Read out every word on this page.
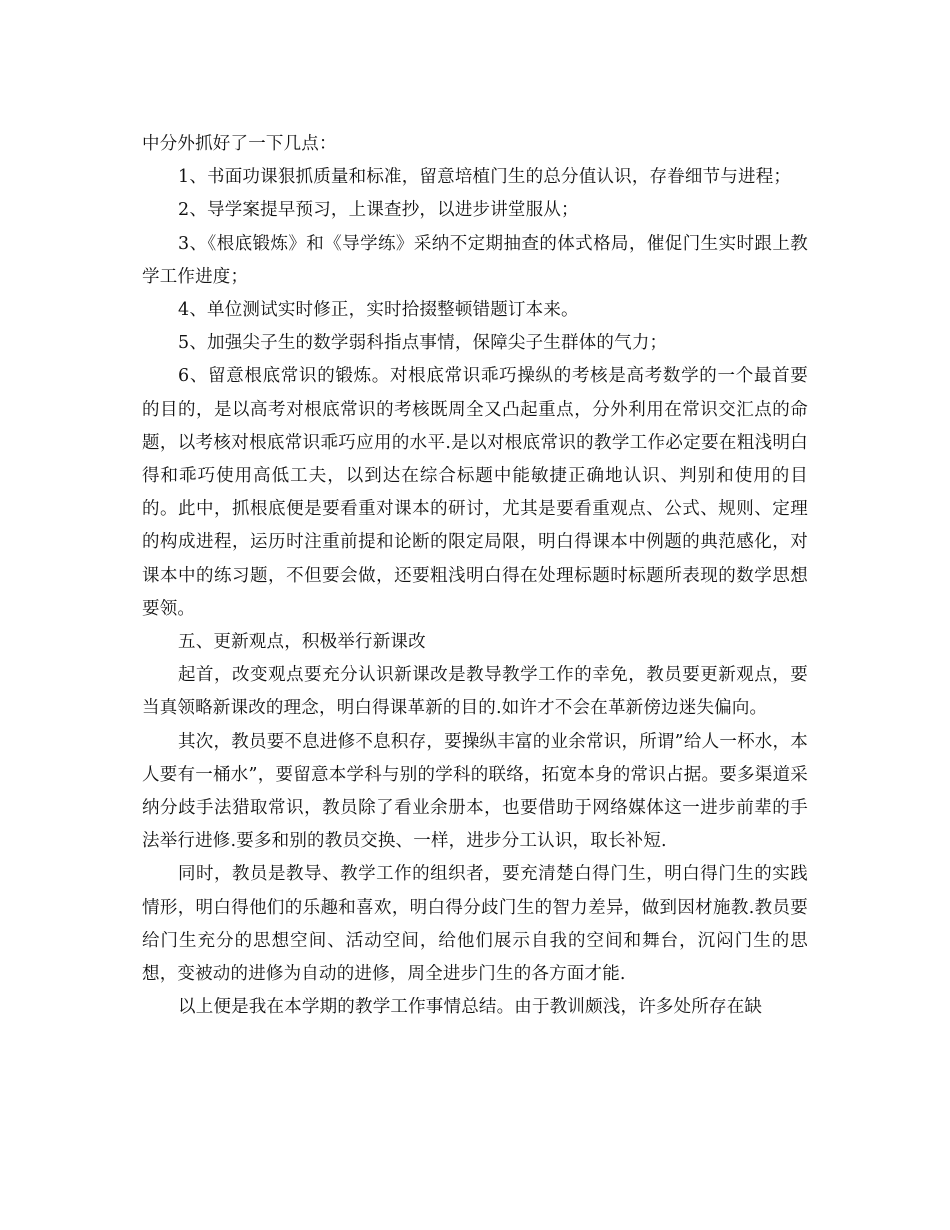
中分外抓好了一下几点：

1、书面功课狠抓质量和标准，留意培植门生的总分值认识，存眷细节与进程；

2、导学案提早预习，上课查抄，以进步讲堂服从；

3、《根底锻炼》和《导学练》采纳不定期抽查的体式格局，催促门生实时跟上教学工作进度；

4、单位测试实时修正，实时拾掇整顿错题订本来。

5、加强尖子生的数学弱科指点事情，保障尖子生群体的气力；

6、留意根底常识的锻炼。对根底常识乖巧操纵的考核是高考数学的一个最首要的目的，是以高考对根底常识的考核既周全又凸起重点，分外利用在常识交汇点的命题，以考核对根底常识乖巧应用的水平.是以对根底常识的教学工作必定要在粗浅明白得和乖巧使用高低工夫，以到达在综合标题中能敏捷正确地认识、判别和使用的目的。此中，抓根底便是要看重对课本的研讨，尤其是要看重观点、公式、规则、定理的构成进程，运历时注重前提和论断的限定局限，明白得课本中例题的典范感化，对课本中的练习题，不但要会做，还要粗浅明白得在处理标题时标题所表现的数学思想要领。

五、更新观点，积极举行新课改

起首，改变观点要充分认识新课改是教导教学工作的幸免，教员要更新观点，要当真领略新课改的理念，明白得课革新的目的.如许才不会在革新傍边迷失偏向。

其次，教员要不息进修不息积存，要操纵丰富的业余常识，所谓”给人一杯水，本人要有一桶水”，要留意本学科与别的学科的联络，拓宽本身的常识占据。要多渠道采纳分歧手法猎取常识，教员除了看业余册本，也要借助于网络媒体这一进步前辈的手法举行进修.要多和别的教员交换、一样，进步分工认识，取长补短.

同时，教员是教导、教学工作的组织者，要充清楚白得门生，明白得门生的实践情形，明白得他们的乐趣和喜欢，明白得分歧门生的智力差异，做到因材施教.教员要给门生充分的思想空间、活动空间，给他们展示自我的空间和舞台，沉闷门生的思想，变被动的进修为自动的进修，周全进步门生的各方面才能.

以上便是我在本学期的教学工作事情总结。由于教训颇浅，许多处所存在缺
